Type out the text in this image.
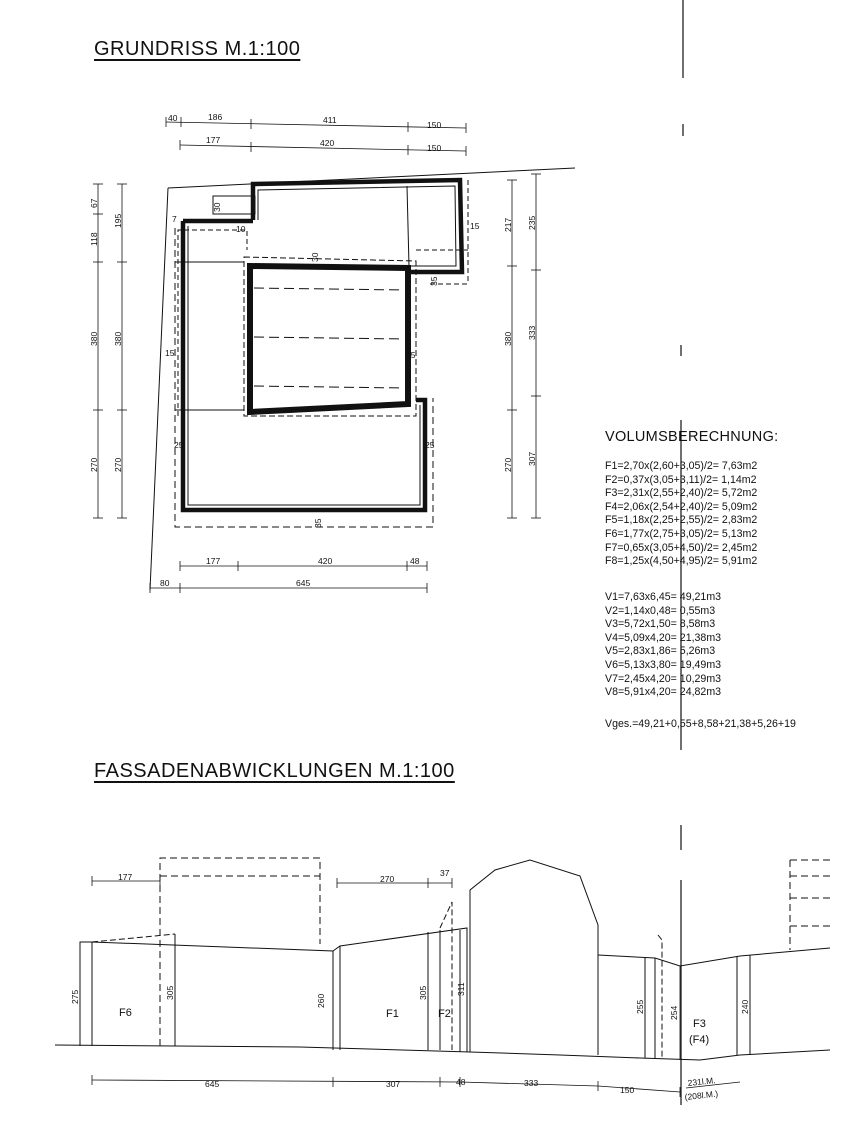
GRUNDRISS M.1:100
FASSADENABWICKLUNGEN M.1:100
VOLUMSBERECHNUNG:
F1=2,70x(2,60+3,05)/2= 7,63m2
F2=0,37x(3,05+3,11)/2= 1,14m2
F3=2,31x(2,55+2,40)/2= 5,72m2
F4=2,06x(2,54+2,40)/2= 5,09m2
F5=1,18x(2,25+2,55)/2= 2,83m2
F6=1,77x(2,75+3,05)/2= 5,13m2
F7=0,65x(3,05+4,50)/2= 2,45m2
F8=1,25x(4,50+4,95)/2= 5,91m2
V1=7,63x6,45= 49,21m3
V2=1,14x0,48= 0,55m3
V3=5,72x1,50= 8,58m3
V4=5,09x4,20= 21,38m3
V5=2,83x1,86= 5,26m3
V6=5,13x3,80= 19,49m3
V7=2,45x4,20= 10,29m3
V8=5,91x4,20= 24,82m3
Vges.=49,21+0,55+8,58+21,38+5,26+19
40	186	411	150
177	420	150
67
195
380
270
118
380
270
217
380
270
235
333
307
177	420	48
80	645
30
7
10
30
15
35
15	25
25	25
35
177	270
37
275	305
260
305	311
255	254	240
F6	F1	F2
F3
(F4)
645	307	48	333
150
231l.M.
(208l.M.)
